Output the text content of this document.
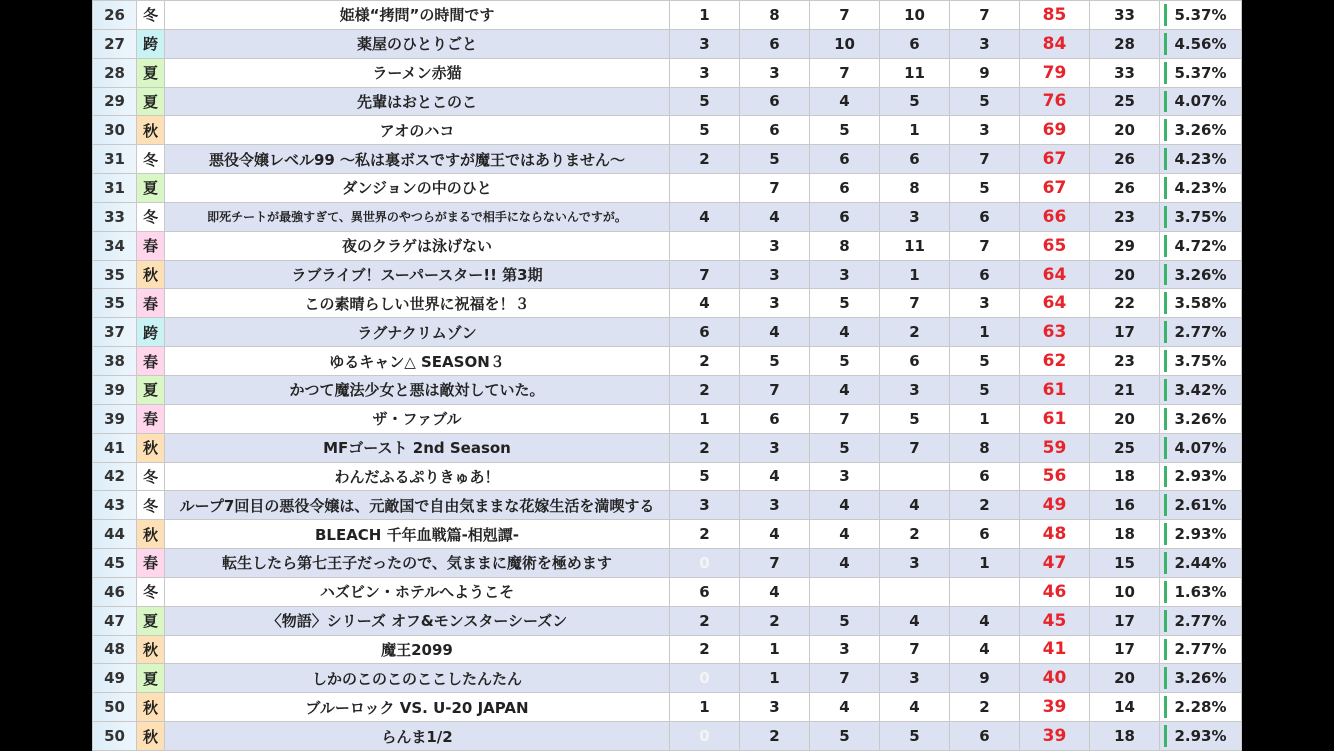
26	冬	姫様“拷問”の時間です	1	8	7	10	7	85	33	5.37%
27	跨	薬屋のひとりごと	3	6	10	6	3	84	28	4.56%
28	夏	ラーメン赤猫	3	3	7	11	9	79	33	5.37%
29	夏	先輩はおとこのこ	5	6	4	5	5	76	25	4.07%
30	秋	アオのハコ	5	6	5	1	3	69	20	3.26%
31	冬	悪役令嬢レベル99 ～私は裏ボスですが魔王ではありません～	2	5	6	6	7	67	26	4.23%
31	夏	ダンジョンの中のひと		7	6	8	5	67	26	4.23%
33	冬	即死チートが最強すぎて、異世界のやつらがまるで相手にならないんですが。	4	4	6	3	6	66	23	3.75%
34	春	夜のクラゲは泳げない		3	8	11	7	65	29	4.72%
35	秋	ラブライブ！スーパースター!! 第3期	7	3	3	1	6	64	20	3.26%
35	春	この素晴らしい世界に祝福を！３	4	3	5	7	3	64	22	3.58%
37	跨	ラグナクリムゾン	6	4	4	2	1	63	17	2.77%
38	春	ゆるキャン△ SEASON３	2	5	5	6	5	62	23	3.75%
39	夏	かつて魔法少女と悪は敵対していた。	2	7	4	3	5	61	21	3.42%
39	春	ザ・ファブル	1	6	7	5	1	61	20	3.26%
41	秋	MFゴースト 2nd Season	2	3	5	7	8	59	25	4.07%
42	冬	わんだふるぷりきゅあ！	5	4	3		6	56	18	2.93%
43	冬	ループ7回目の悪役令嬢は、元敵国で自由気ままな花嫁生活を満喫する	3	3	4	4	2	49	16	2.61%
44	秋	BLEACH 千年血戦篇-相剋譚-	2	4	4	2	6	48	18	2.93%
45	春	転生したら第七王子だったので、気ままに魔術を極めます	0	7	4	3	1	47	15	2.44%
46	冬	ハズビン・ホテルへようこそ	6	4				46	10	1.63%
47	夏	〈物語〉シリーズ オフ&モンスターシーズン	2	2	5	4	4	45	17	2.77%
48	秋	魔王2099	2	1	3	7	4	41	17	2.77%
49	夏	しかのこのこのここしたんたん	0	1	7	3	9	40	20	3.26%
50	秋	ブルーロック VS. U-20 JAPAN	1	3	4	4	2	39	14	2.28%
50	秋	らんま1/2	0	2	5	5	6	39	18	2.93%
